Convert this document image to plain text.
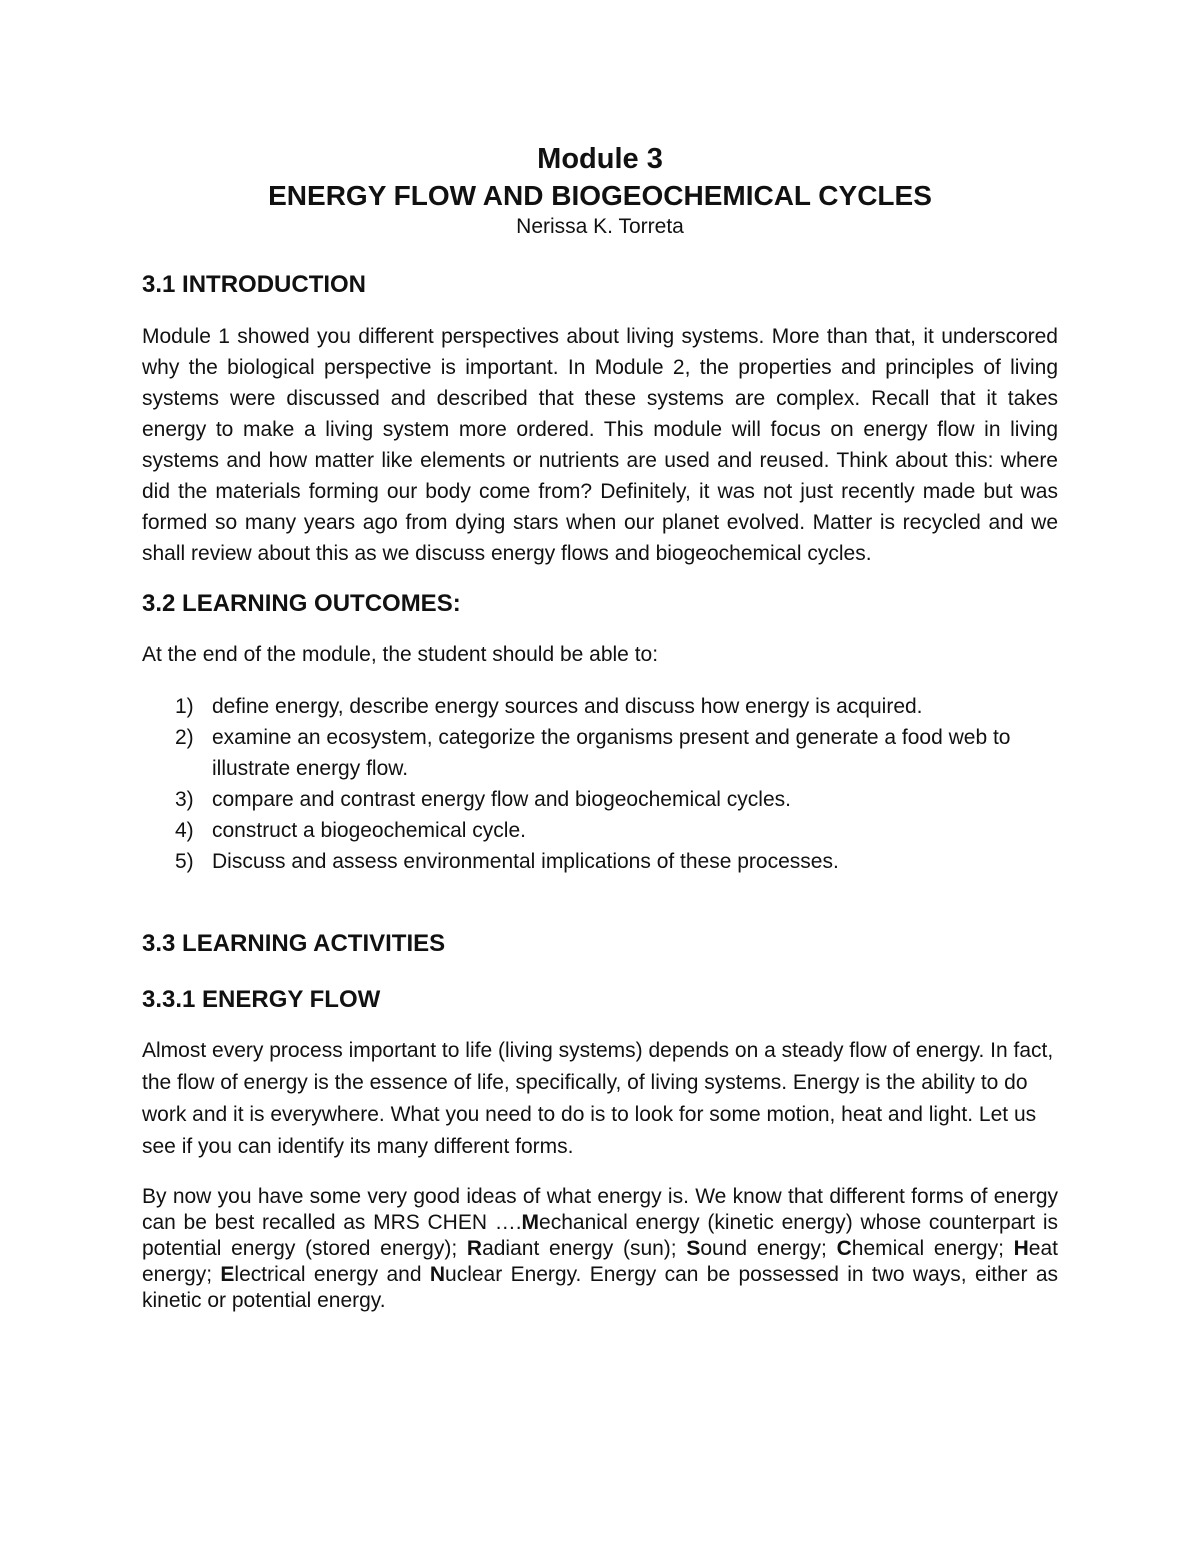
Module 3
ENERGY FLOW AND BIOGEOCHEMICAL CYCLES
Nerissa K. Torreta
3.1 INTRODUCTION

Module 1 showed you different perspectives about living systems. More than that, it underscored why the biological perspective is important. In Module 2, the properties and principles of living systems were discussed and described that these systems are complex. Recall that it takes energy to make a living system more ordered. This module will focus on energy flow in living systems and how matter like elements or nutrients are used and reused. Think about this: where did the materials forming our body come from? Definitely, it was not just recently made but was formed so many years ago from dying stars when our planet evolved. Matter is recycled and we shall review about this as we discuss energy flows and biogeochemical cycles.

3.2 LEARNING OUTCOMES:

At the end of the module, the student should be able to:

1) define energy, describe energy sources and discuss how energy is acquired.
2) examine an ecosystem, categorize the organisms present and generate a food web to illustrate energy flow.
3) compare and contrast energy flow and biogeochemical cycles.
4) construct a biogeochemical cycle.
5) Discuss and assess environmental implications of these processes.
3.3 LEARNING ACTIVITIES
3.3.1 ENERGY FLOW

Almost every process important to life (living systems) depends on a steady flow of energy. In fact, the flow of energy is the essence of life, specifically, of living systems. Energy is the ability to do work and it is everywhere. What you need to do is to look for some motion, heat and light. Let us see if you can identify its many different forms.

By now you have some very good ideas of what energy is. We know that different forms of energy can be best recalled as MRS CHEN ….Mechanical energy (kinetic energy) whose counterpart is potential energy (stored energy); Radiant energy (sun); Sound energy; Chemical energy; Heat energy; Electrical energy and Nuclear Energy. Energy can be possessed in two ways, either as kinetic or potential energy.
